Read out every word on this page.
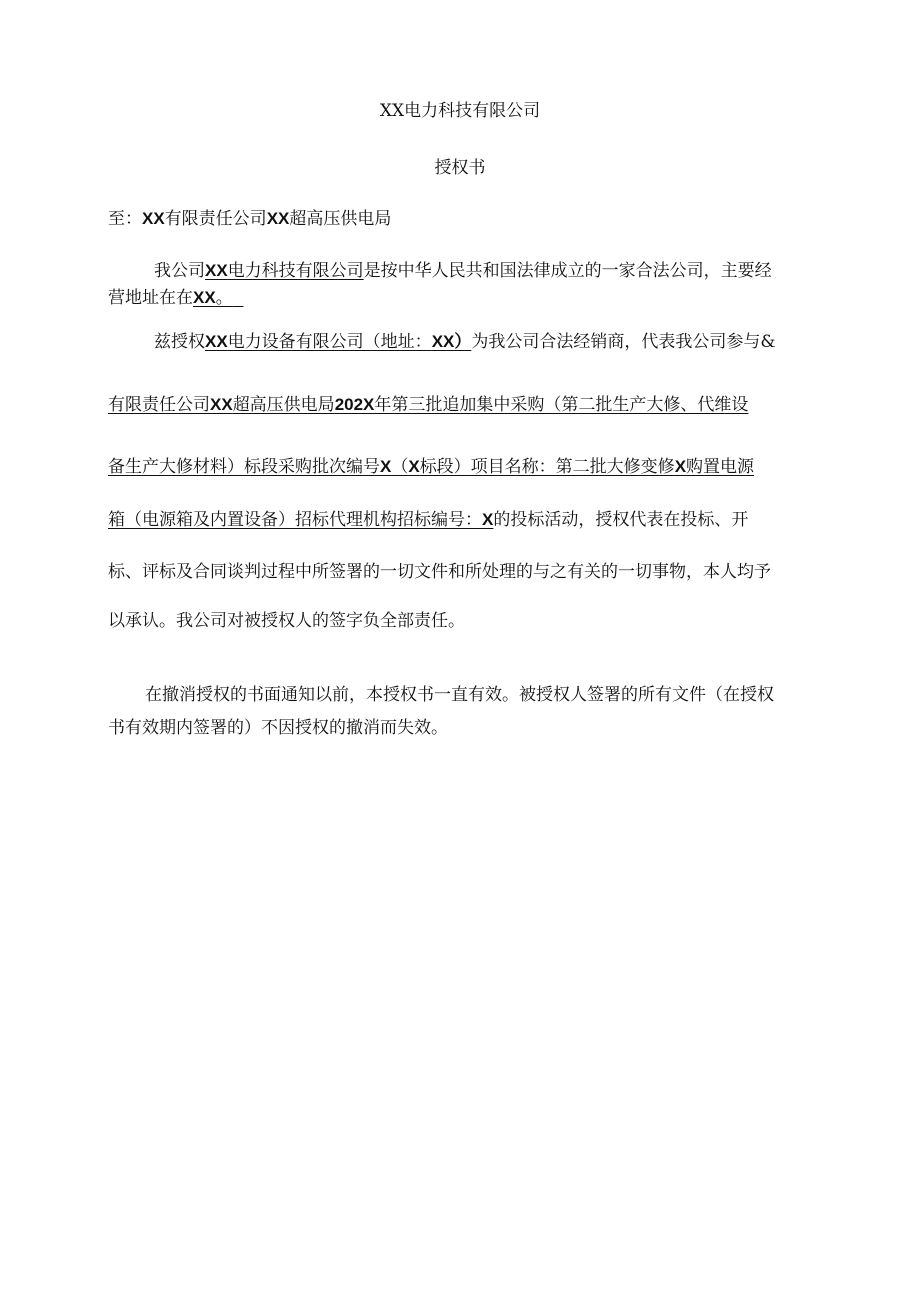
XX电力科技有限公司
授权书
至：XX有限责任公司XX超高压供电局
我公司XX电力科技有限公司是按中华人民共和国法律成立的一家合法公司，主要经
营地址在在XX。
兹授权XX电力设备有限公司（地址：XX）为我公司合法经销商，代表我公司参与&
有限责任公司XX超高压供电局202X年第三批追加集中采购（第二批生产大修、代维设
备生产大修材料）标段采购批次编号X（X标段）项目名称：第二批大修变修X购置电源
箱（电源箱及内置设备）招标代理机构招标编号：X的投标活动，授权代表在投标、开
标、评标及合同谈判过程中所签署的一切文件和所处理的与之有关的一切事物，本人均予
以承认。我公司对被授权人的签字负全部责任。
在撤消授权的书面通知以前，本授权书一直有效。被授权人签署的所有文件（在授权
书有效期内签署的）不因授权的撤消而失效。
